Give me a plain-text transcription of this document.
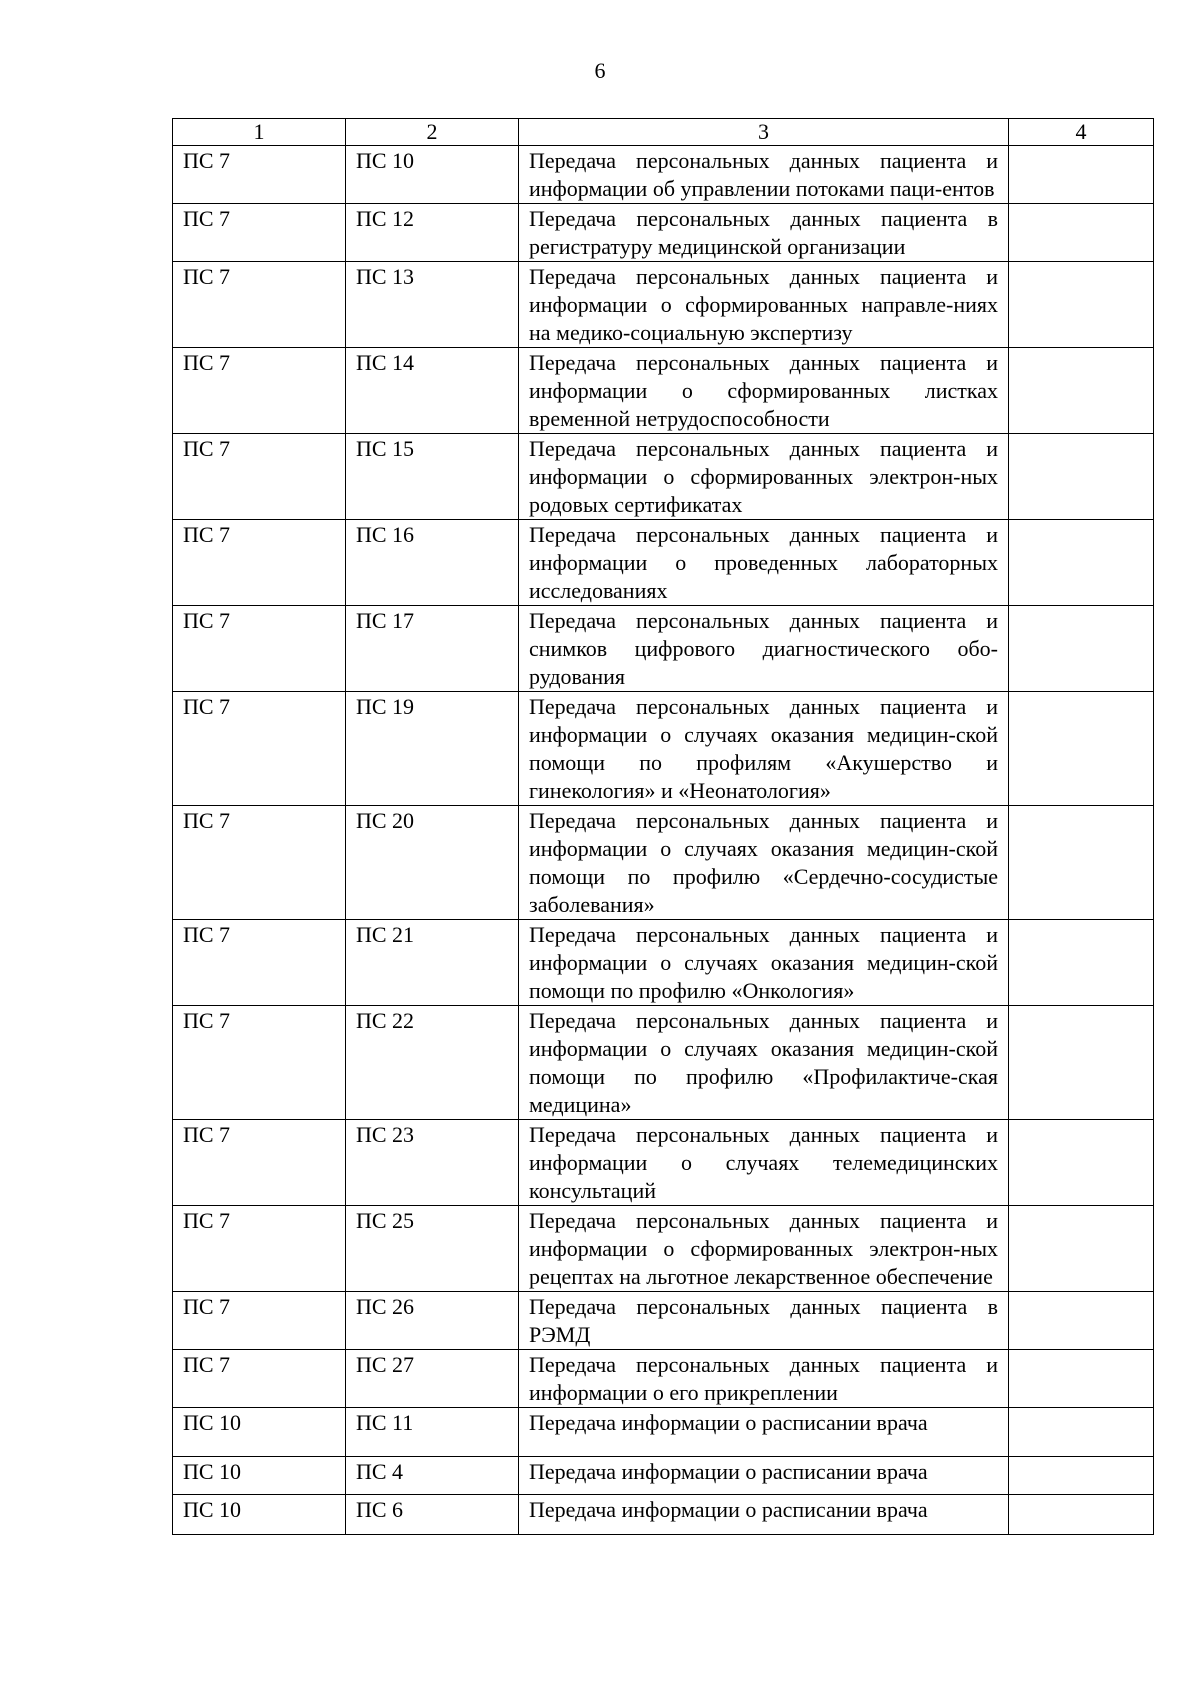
6
1	2	3	4
ПС 7	ПС 10	Передача персональных данных пациента и информации об управлении потоками паци-ентов	
ПС 7	ПС 12	Передача персональных данных пациента в регистратуру медицинской организации	
ПС 7	ПС 13	Передача персональных данных пациента и информации о сформированных направле-ниях на медико-социальную экспертизу	
ПС 7	ПС 14	Передача персональных данных пациента и информации о сформированных листках временной нетрудоспособности	
ПС 7	ПС 15	Передача персональных данных пациента и информации о сформированных электрон-ных родовых сертификатах	
ПС 7	ПС 16	Передача персональных данных пациента и информации о проведенных лабораторных исследованиях	
ПС 7	ПС 17	Передача персональных данных пациента и снимков цифрового диагностического обо-рудования	
ПС 7	ПС 19	Передача персональных данных пациента и информации о случаях оказания медицин-ской помощи по профилям «Акушерство и гинекология» и «Неонатология»	
ПС 7	ПС 20	Передача персональных данных пациента и информации о случаях оказания медицин-ской помощи по профилю «Сердечно-сосудистые заболевания»	
ПС 7	ПС 21	Передача персональных данных пациента и информации о случаях оказания медицин-ской помощи по профилю «Онкология»	
ПС 7	ПС 22	Передача персональных данных пациента и информации о случаях оказания медицин-ской помощи по профилю «Профилактиче-ская медицина»	
ПС 7	ПС 23	Передача персональных данных пациента и информации о случаях телемедицинских консультаций	
ПС 7	ПС 25	Передача персональных данных пациента и информации о сформированных электрон-ных рецептах на льготное лекарственное обеспечение	
ПС 7	ПС 26	Передача персональных данных пациента в РЭМД	
ПС 7	ПС 27	Передача персональных данных пациента и информации о его прикреплении	
ПС 10	ПС 11	Передача информации о расписании врача	
ПС 10	ПС 4	Передача информации о расписании врача	
ПС 10	ПС 6	Передача информации о расписании врача	
